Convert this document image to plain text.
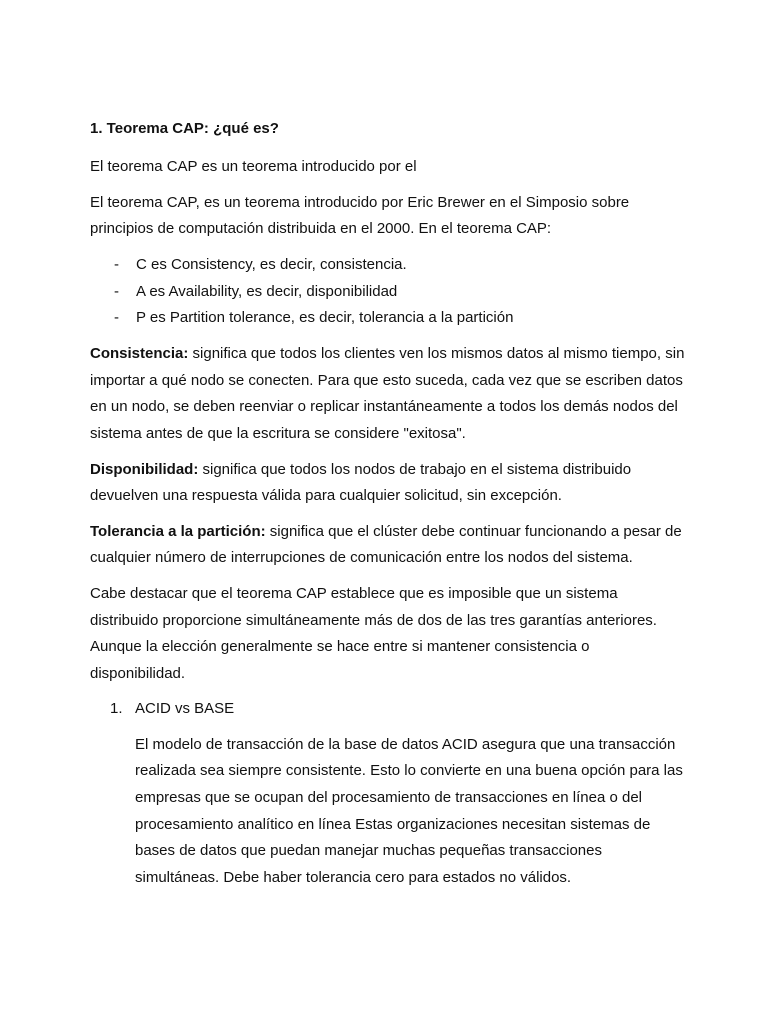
1. Teorema CAP: ¿qué es?

El teorema CAP es un teorema introducido por el

El teorema CAP, es un teorema introducido por Eric Brewer en el Simposio sobre principios de computación distribuida en el 2000. En el teorema CAP:

- C es Consistency, es decir, consistencia.
- A es Availability, es decir, disponibilidad
- P es Partition tolerance, es decir, tolerancia a la partición

Consistencia: significa que todos los clientes ven los mismos datos al mismo tiempo, sin importar a qué nodo se conecten. Para que esto suceda, cada vez que se escriben datos en un nodo, se deben reenviar o replicar instantáneamente a todos los demás nodos del sistema antes de que la escritura se considere "exitosa".

Disponibilidad: significa que todos los nodos de trabajo en el sistema distribuido devuelven una respuesta válida para cualquier solicitud, sin excepción.

Tolerancia a la partición: significa que el clúster debe continuar funcionando a pesar de cualquier número de interrupciones de comunicación entre los nodos del sistema.

Cabe destacar que el teorema CAP establece que es imposible que un sistema distribuido proporcione simultáneamente más de dos de las tres garantías anteriores. Aunque la elección generalmente se hace entre si mantener consistencia o disponibilidad.

1. ACID vs BASE

El modelo de transacción de la base de datos ACID asegura que una transacción realizada sea siempre consistente. Esto lo convierte en una buena opción para las empresas que se ocupan del procesamiento de transacciones en línea o del procesamiento analítico en línea Estas organizaciones necesitan sistemas de bases de datos que puedan manejar muchas pequeñas transacciones simultáneas. Debe haber tolerancia cero para estados no válidos.
